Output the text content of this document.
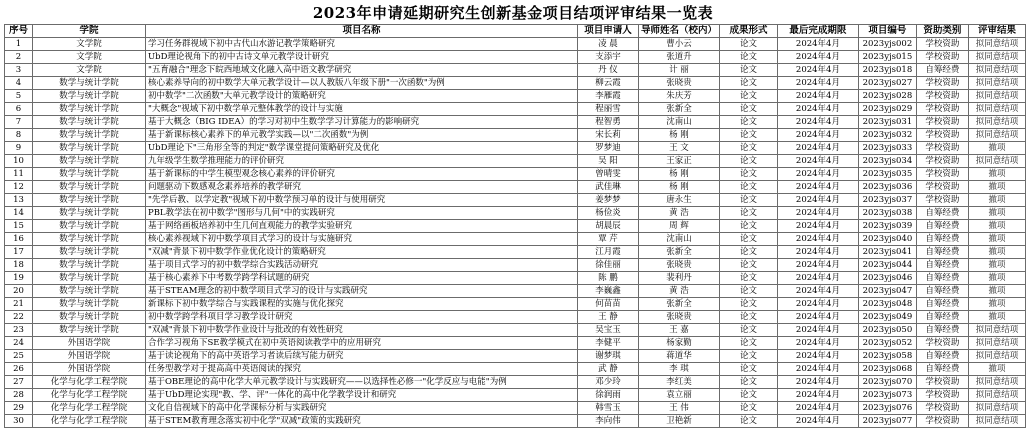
2023年申请延期研究生创新基金项目结项评审结果一览表
序号	学院	项目名称	项目申请人	导师姓名（校内）	成果形式	最后完成期限	项目编号	资助类别	评审结果
1	文学院	学习任务群视域下初中古代山水游记教学策略研究	凌 晨	曹小云	论文	2024年4月	2023yjs002	学校资助	拟同意结项
2	文学院	UbD理论视角下的初中古诗文单元教学设计研究	支添宇	张道升	论文	2024年4月	2023yjs015	学校资助	拟同意结项
3	文学院	"五育融合"理念下皖西地域文化融入高中语文教学研究	丹 仪	计 丽	论文	2024年4月	2023yjs018	自筹经费	拟同意结项
4	数学与统计学院	核心素养导向的初中数学大单元教学设计—以人教版八年级下册"一次函数"为例	柳云霞	张晓贵	论文	2024年4月	2023yjs027	学校资助	拟同意结项
5	数学与统计学院	初中数学"二次函数"大单元教学设计的策略研究	李雁霞	朱庆芳	论文	2024年4月	2023yjs028	学校资助	拟同意结项
6	数学与统计学院	"大概念"视域下初中数学单元整体教学的设计与实施	程丽雪	张新全	论文	2024年4月	2023yjs029	学校资助	拟同意结项
7	数学与统计学院	基于大概念（BIG IDEA）的学习对初中生数学学习计算能力的影响研究	程智勇	沈南山	论文	2024年4月	2023yjs031	学校资助	拟同意结项
8	数学与统计学院	基于新课标核心素养下的单元教学实践—以"二次函数"为例	宋长莉	杨 刚	论文	2024年4月	2023yjs032	学校资助	拟同意结项
9	数学与统计学院	UbD理论下"三角形全等的判定"数学课堂提问策略研究及优化	罗梦迪	王 文	论文	2024年4月	2023yjs033	学校资助	撤项
10	数学与统计学院	九年级学生数学推理能力的评价研究	吴 阳	王家正	论文	2024年4月	2023yjs034	学校资助	拟同意结项
11	数学与统计学院	基于新课标的中学生模型观念核心素养的评价研究	曾晴雯	杨 刚	论文	2024年4月	2023yjs035	学校资助	撤项
12	数学与统计学院	问题驱动下数感观念素养培养的教学研究	武佳琳	杨 刚	论文	2024年4月	2023yjs036	学校资助	撤项
13	数学与统计学院	"先学后教、以学定教"视域下初中数学预习单的设计与使用研究	姜梦梦	唐永生	论文	2024年4月	2023yjs037	学校资助	撤项
14	数学与统计学院	PBL教学法在初中数学"图形与几何"中的实践研究	杨俭炎	黄 浩	论文	2024年4月	2023yjs038	自筹经费	撤项
15	数学与统计学院	基于网络画板培养初中生几何直观能力的教学实验研究	胡晨辰	周 辉	论文	2024年4月	2023yjs039	自筹经费	撤项
16	数学与统计学院	核心素养视域下初中数学项目式学习的设计与实施研究	覃 芹	沈南山	论文	2024年4月	2023yjs040	自筹经费	撤项
17	数学与统计学院	"双减"背景下初中数学作业优化设计的策略研究	江月霞	张新全	论文	2024年4月	2023yjs041	自筹经费	撤项
18	数学与统计学院	基于项目式学习的初中数学综合实践活动研究	徐佳丽	张晓贵	论文	2024年4月	2023yjs044	自筹经费	撤项
19	数学与统计学院	基于核心素养下中考数学跨学科试题的研究	陈 鹏	裴利丹	论文	2024年4月	2023yjs046	自筹经费	撤项
20	数学与统计学院	基于STEAM理念的初中数学项目式学习的设计与实践研究	李巍鑫	黄 浩	论文	2024年4月	2023yjs047	自筹经费	撤项
21	数学与统计学院	新课标下初中数学综合与实践课程的实施与优化探究	何苗苗	张新全	论文	2024年4月	2023yjs048	自筹经费	撤项
22	数学与统计学院	初中数学跨学科项目学习教学设计研究	王 静	张晓贵	论文	2024年4月	2023yjs049	自筹经费	撤项
23	数学与统计学院	"双减"背景下初中数学作业设计与批改的有效性研究	吴宝玉	王 嘉	论文	2024年4月	2023yjs050	自筹经费	拟同意结项
24	外国语学院	合作学习视角下SE教学模式在初中英语阅读教学中的应用研究	李健平	杨家勤	论文	2024年4月	2023yjs052	学校资助	拟同意结项
25	外国语学院	基于读论视角下的高中英语学习者读后续写能力研究	谢梦琪	蒋道华	论文	2024年4月	2023yjs058	自筹经费	拟同意结项
26	外国语学院	任务型教学对于提高高中英语阅读的探究	武 静	李 琪	论文	2024年4月	2023yjs068	自筹经费	撤项
27	化学与化学工程学院	基于OBE理论的高中化学大单元教学设计与实践研究——以选择性必修一"化学反应与电能"为例	邓少玲	李红美	论文	2024年4月	2023yjs070	学校资助	拟同意结项
28	化学与化学工程学院	基于UbD理论实现"教、学、评"一体化的高中化学教学设计和研究	徐润雨	袁立丽	论文	2024年4月	2023yjs073	学校资助	拟同意结项
29	化学与化学工程学院	文化自信视域下的高中化学课标分析与实践研究	韩雪玉	王 伟	论文	2024年4月	2023yjs076	学校资助	拟同意结项
30	化学与化学工程学院	基于STEM教育理念落实初中化学"双减"政策的实践研究	李向伟	卫艳新	论文	2024年4月	2023yjs077	学校资助	拟同意结项
